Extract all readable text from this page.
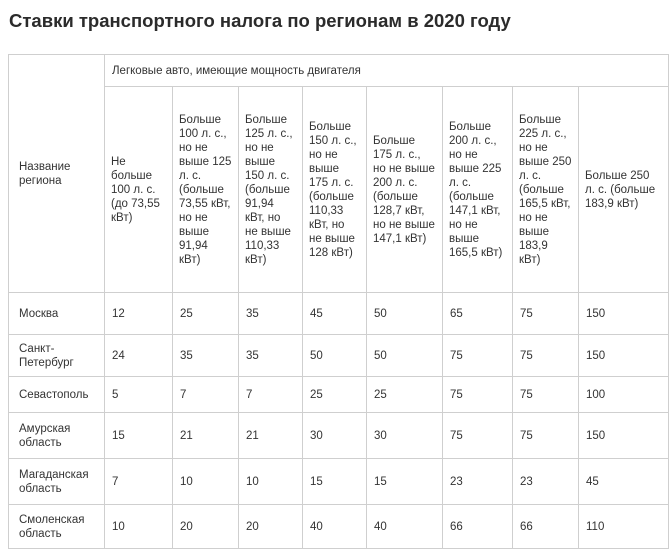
Ставки транспортного налога по регионам в 2020 году
Название региона	Легковые авто, имеющие мощность двигателя							
	Не больше 100 л. с. (до 73,55 кВт)	Больше 100 л. с., но не выше 125 л. с. (больше 73,55 кВт, но не выше 91,94 кВт)	Больше 125 л. с., но не выше 150 л. с. (больше 91,94 кВт, но не выше 110,33 кВт)	Больше 150 л. с., но не выше 175 л. с. (больше 110,33 кВт, но не выше 128 кВт)	Больше 175 л. с., но не выше 200 л. с. (больше 128,7 кВт, но не выше 147,1 кВт)	Больше 200 л. с., но не выше 225 л. с. (больше 147,1 кВт, но не выше 165,5 кВт)	Больше 225 л. с., но не выше 250 л. с. (больше 165,5 кВт, но не выше 183,9 кВт)	Больше 250 л. с. (больше 183,9 кВт)
Москва	12	25	35	45	50	65	75	150
Санкт-Петербург	24	35	35	50	50	75	75	150
Севастополь	5	7	7	25	25	75	75	100
Амурская область	15	21	21	30	30	75	75	150
Магаданская область	7	10	10	15	15	23	23	45
Смоленская область	10	20	20	40	40	66	66	110
